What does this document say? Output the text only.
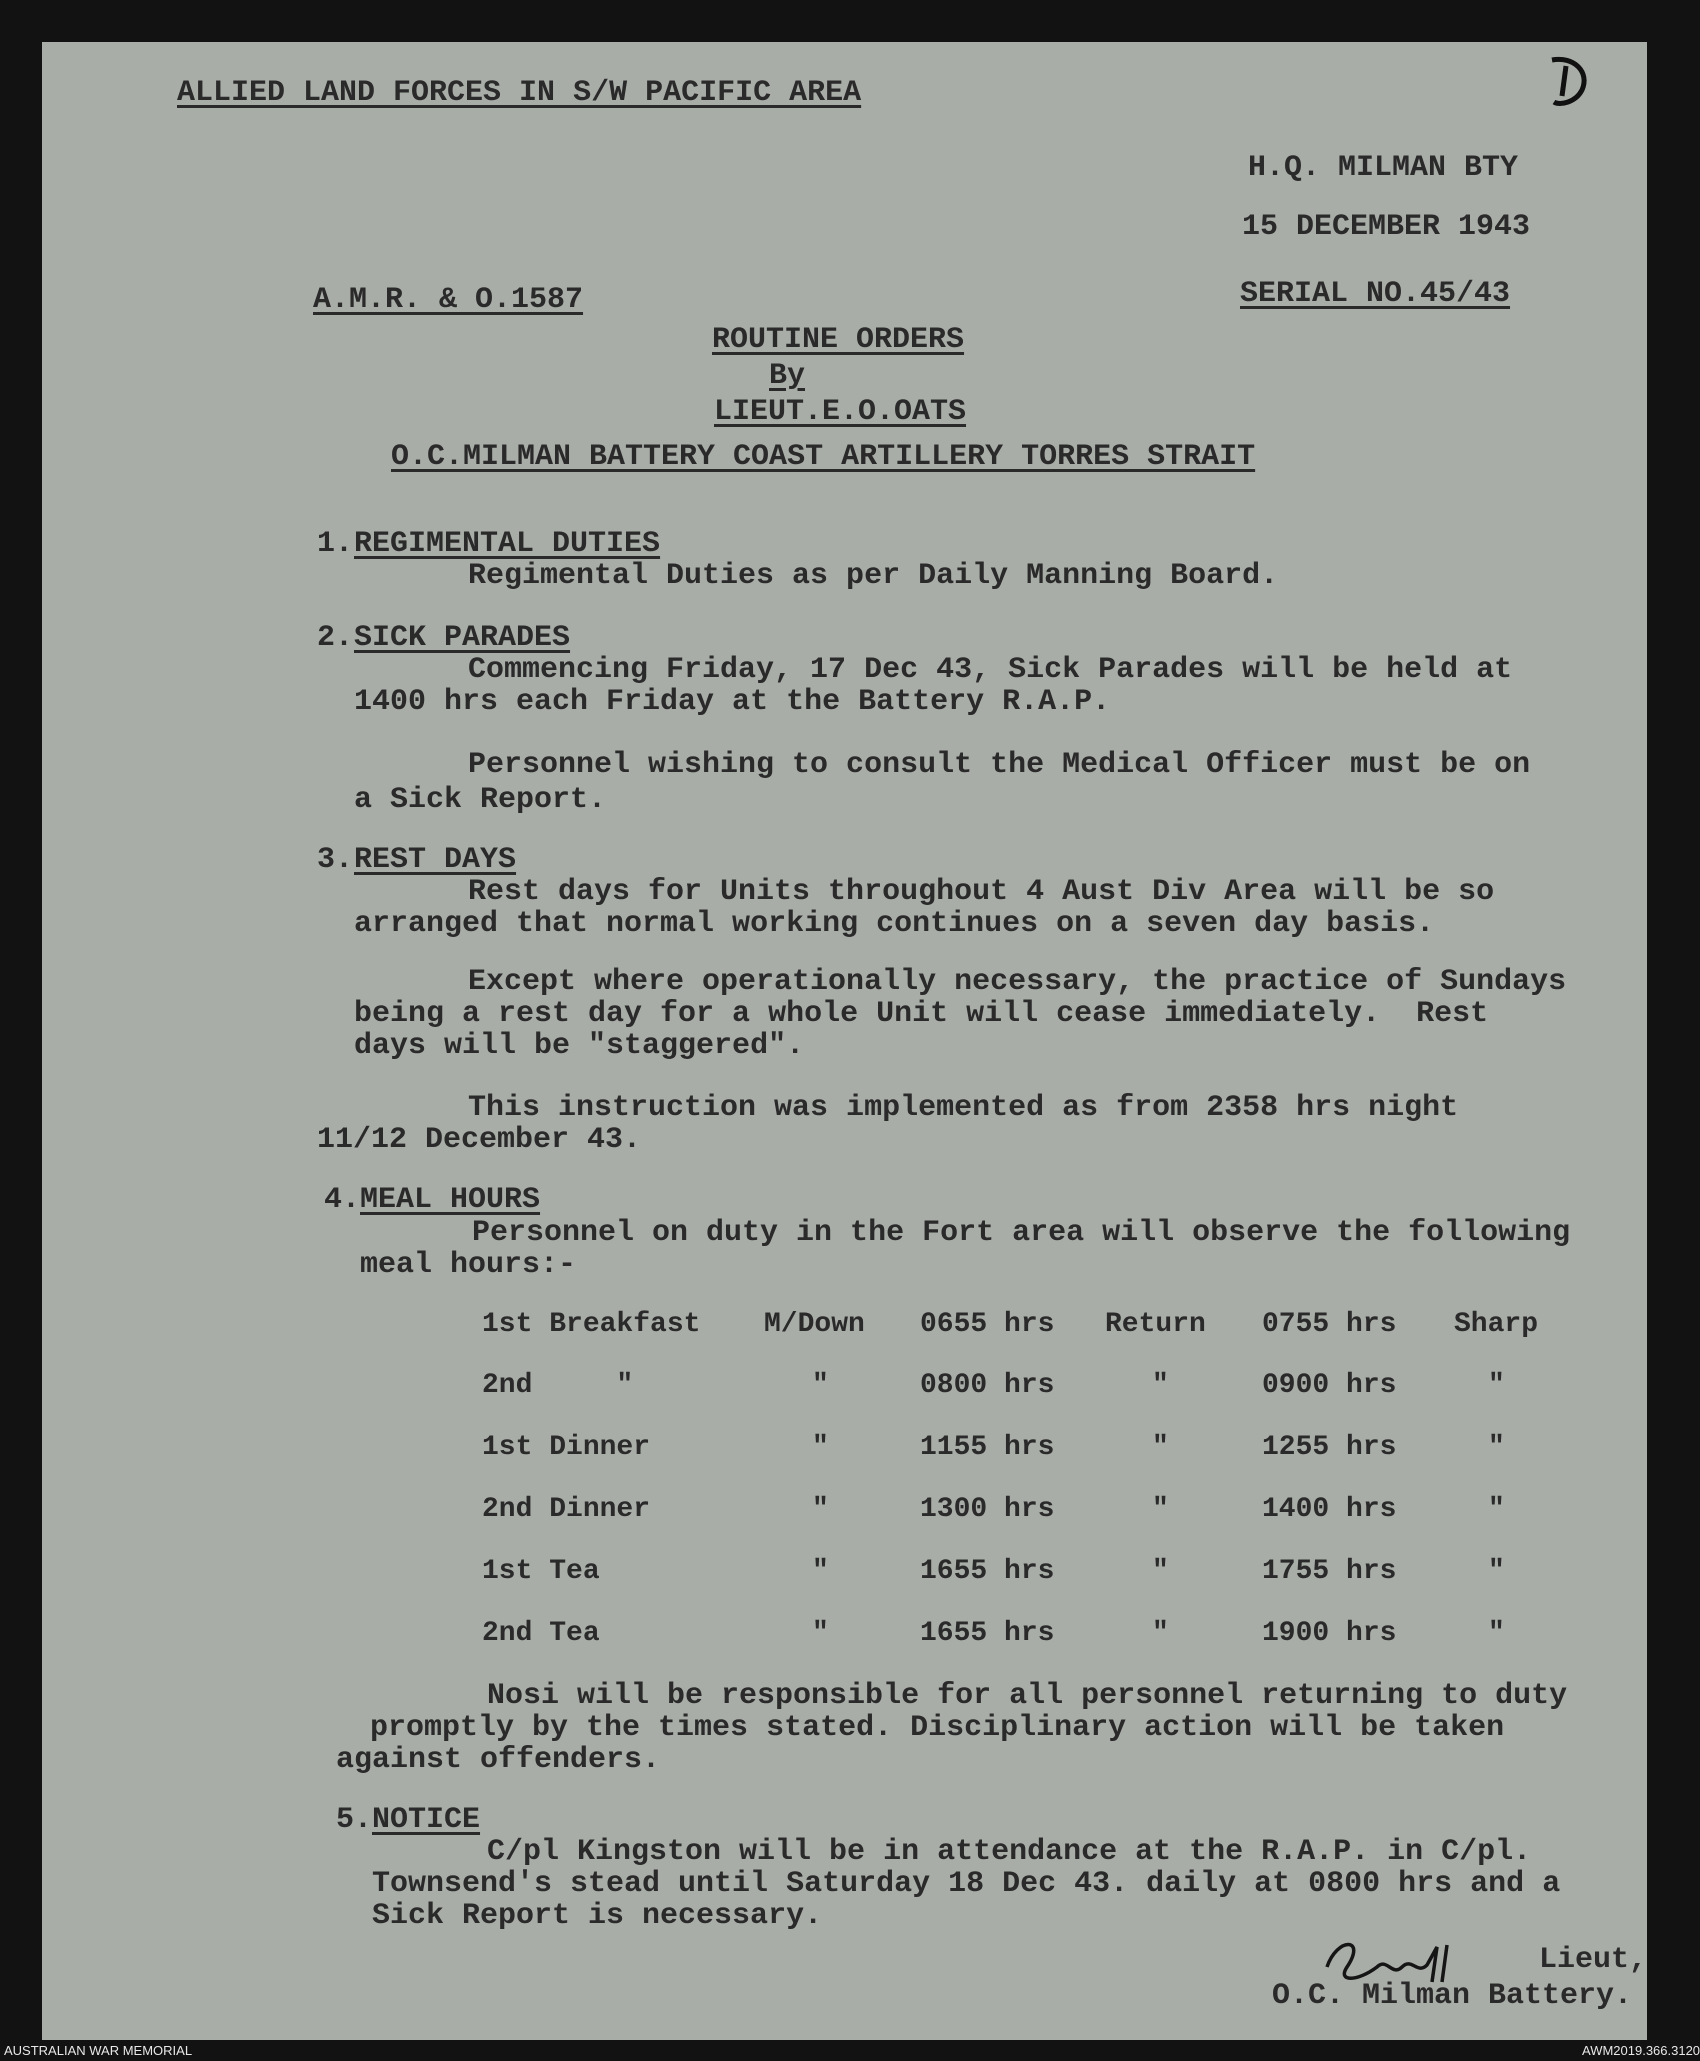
ALLIED LAND FORCES IN S/W PACIFIC AREA
H.Q. MILMAN BTY
15 DECEMBER 1943
A.M.R. & O.1587	SERIAL NO.45/43
ROUTINE ORDERS
By
LIEUT.E.O.OATS
O.C.MILMAN BATTERY COAST ARTILLERY TORRES STRAIT
1. REGIMENTAL DUTIES
Regimental Duties as per Daily Manning Board.
2. SICK PARADES
Commencing Friday, 17 Dec 43, Sick Parades will be held at
1400 hrs each Friday at the Battery R.A.P.
Personnel wishing to consult the Medical Officer must be on
a Sick Report.
3. REST DAYS
Rest days for Units throughout 4 Aust Div Area will be so
arranged that normal working continues on a seven day basis.
Except where operationally necessary, the practice of Sundays
being a rest day for a whole Unit will cease immediately.  Rest
days will be "staggered".
This instruction was implemented as from 2358 hrs night
11/12 December 43.
4. MEAL HOURS
Personnel on duty in the Fort area will observe the following
meal hours:-
1st Breakfast M/Down 0655 hrs Return 0755 hrs Sharp
2nd     "	"	0800 hrs	"	0900 hrs	"
1st Dinner	"	1155 hrs	"	1255 hrs	"
2nd Dinner	"	1300 hrs	"	1400 hrs	"
1st Tea	"	1655 hrs	"	1755 hrs	"
2nd Tea	"	1655 hrs	"	1900 hrs	"
Nosi will be responsible for all personnel returning to duty
promptly by the times stated. Disciplinary action will be taken
against offenders.
5. NOTICE
C/pl Kingston will be in attendance at the R.A.P. in C/pl.
Townsend's stead until Saturday 18 Dec 43. daily at 0800 hrs and a
Sick Report is necessary.
Lieut,
O.C. Milman Battery.
AUSTRALIAN WAR MEMORIAL	AWM2019.366.3120
